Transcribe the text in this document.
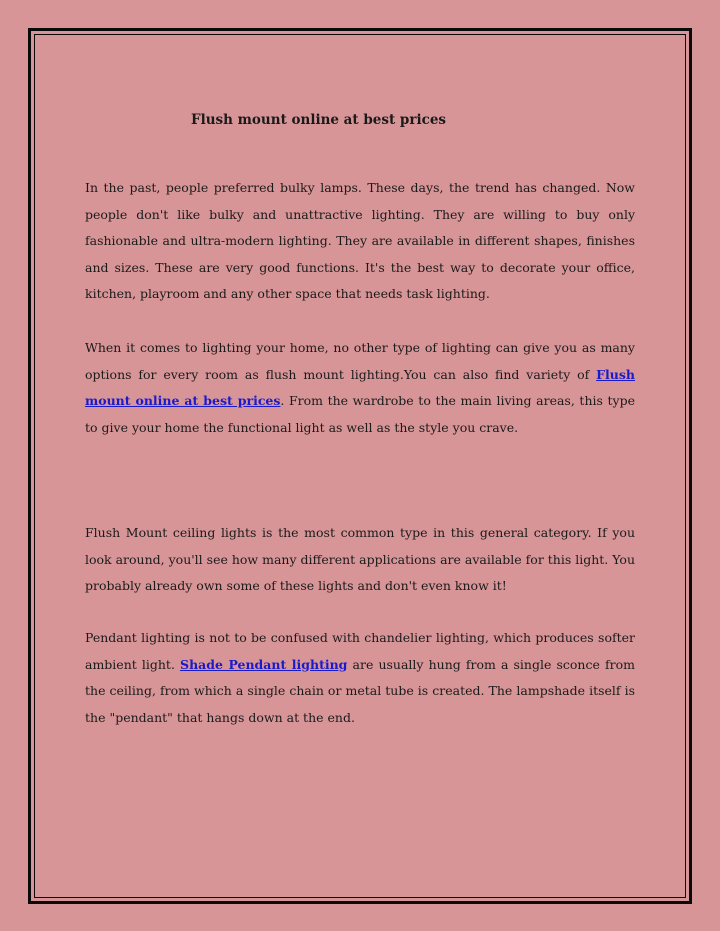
Flush mount online at best prices

In the past, people preferred bulky lamps. These days, the trend has changed. Now people don't like bulky and unattractive lighting. They are willing to buy only fashionable and ultra-modern lighting. They are available in different shapes, finishes and sizes. These are very good functions. It's the best way to decorate your office, kitchen, playroom and any other space that needs task lighting.

When it comes to lighting your home, no other type of lighting can give you as many options for every room as flush mount lighting.You can also find variety of Flush mount online at best prices. From the wardrobe to the main living areas, this type to give your home the functional light as well as the style you crave.

Flush Mount ceiling lights is the most common type in this general category. If you look around, you'll see how many different applications are available for this light. You probably already own some of these lights and don't even know it!

Pendant lighting is not to be confused with chandelier lighting, which produces softer ambient light. Shade Pendant lighting are usually hung from a single sconce from the ceiling, from which a single chain or metal tube is created. The lampshade itself is the "pendant" that hangs down at the end.
